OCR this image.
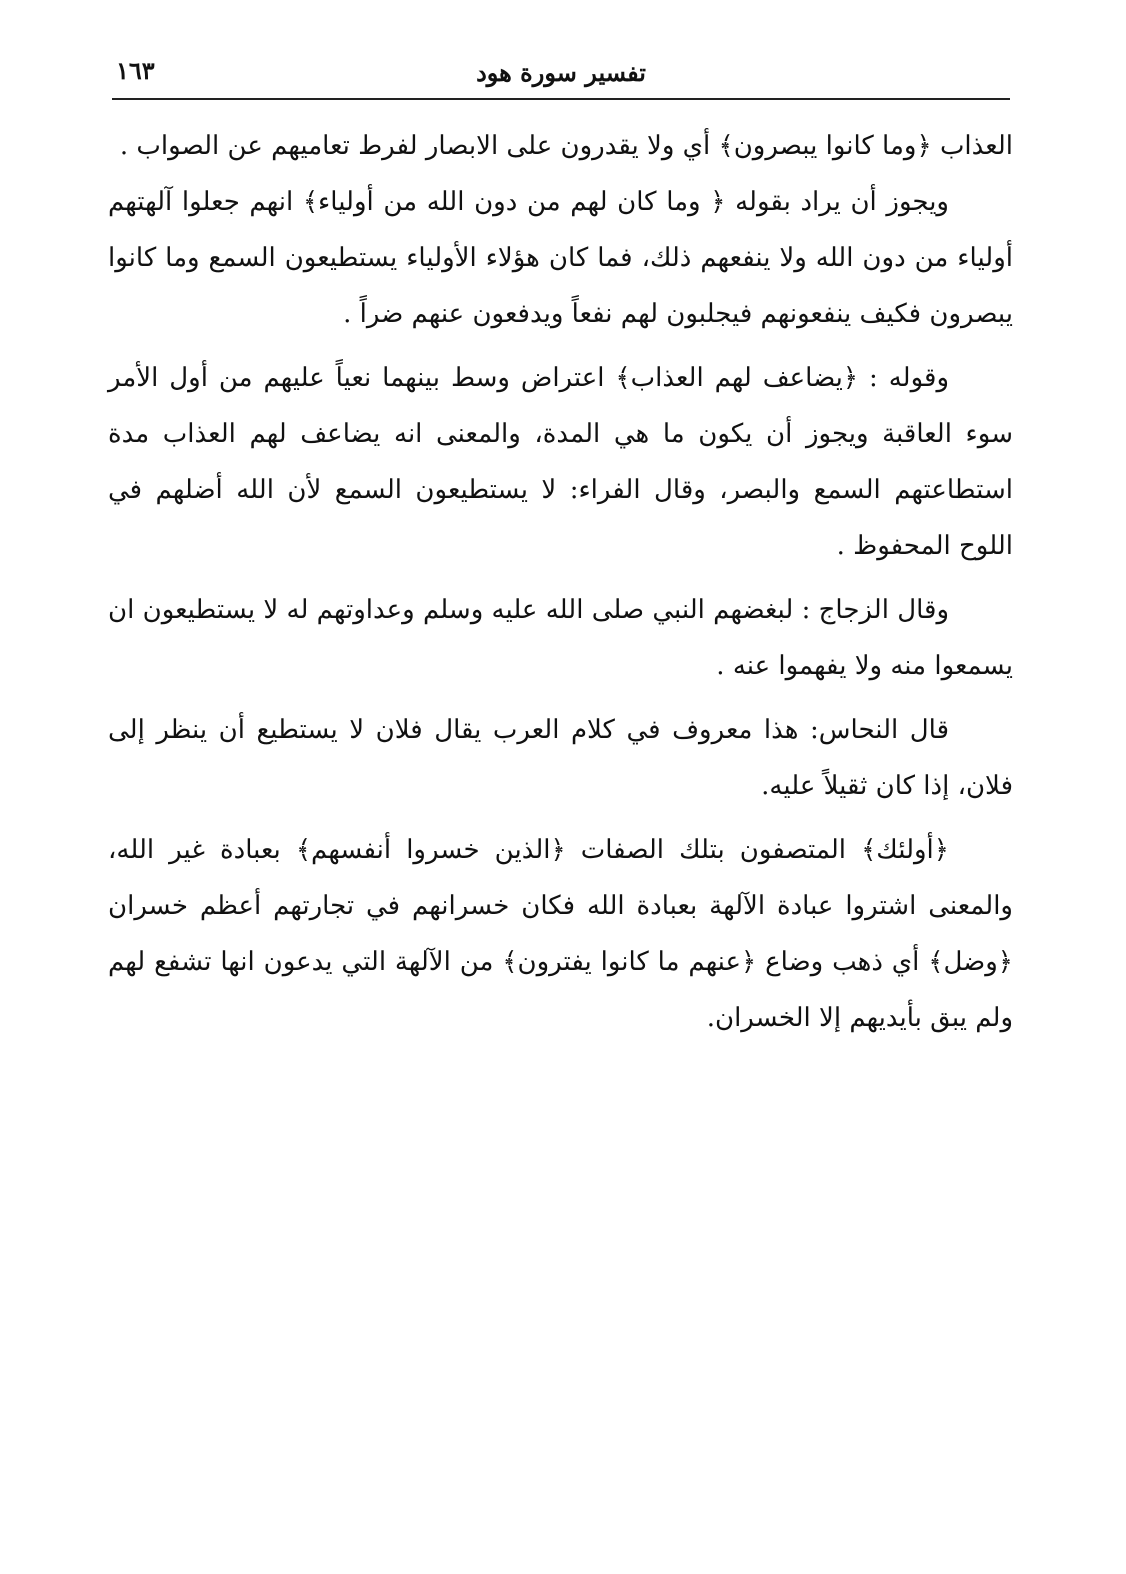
تفسير سورة هود
١٦٣

العذاب ﴿وما كانوا يبصرون﴾ أي ولا يقدرون على الابصار لفرط تعاميهم عن الصواب .

ويجوز أن يراد بقوله ﴿ وما كان لهم من دون الله من أولياء﴾ انهم جعلوا آلهتهم أولياء من دون الله ولا ينفعهم ذلك، فما كان هؤلاء الأولياء يستطيعون السمع وما كانوا يبصرون فكيف ينفعونهم فيجلبون لهم نفعاً ويدفعون عنهم ضراً .

وقوله : ﴿يضاعف لهم العذاب﴾ اعتراض وسط بينهما نعياً عليهم من أول الأمر سوء العاقبة ويجوز أن يكون ما هي المدة، والمعنى انه يضاعف لهم العذاب مدة استطاعتهم السمع والبصر، وقال الفراء: لا يستطيعون السمع لأن الله أضلهم في اللوح المحفوظ .

وقال الزجاج : لبغضهم النبي صلى الله عليه وسلم وعداوتهم له لا يستطيعون ان يسمعوا منه ولا يفهموا عنه .

قال النحاس: هذا معروف في كلام العرب يقال فلان لا يستطيع أن ينظر إلى فلان، إذا كان ثقيلاً عليه.

﴿أولئك﴾ المتصفون بتلك الصفات ﴿الذين خسروا أنفسهم﴾ بعبادة غير الله، والمعنى اشتروا عبادة الآلهة بعبادة الله فكان خسرانهم في تجارتهم أعظم خسران ﴿وضل﴾ أي ذهب وضاع ﴿عنهم ما كانوا يفترون﴾ من الآلهة التي يدعون انها تشفع لهم ولم يبق بأيديهم إلا الخسران.
